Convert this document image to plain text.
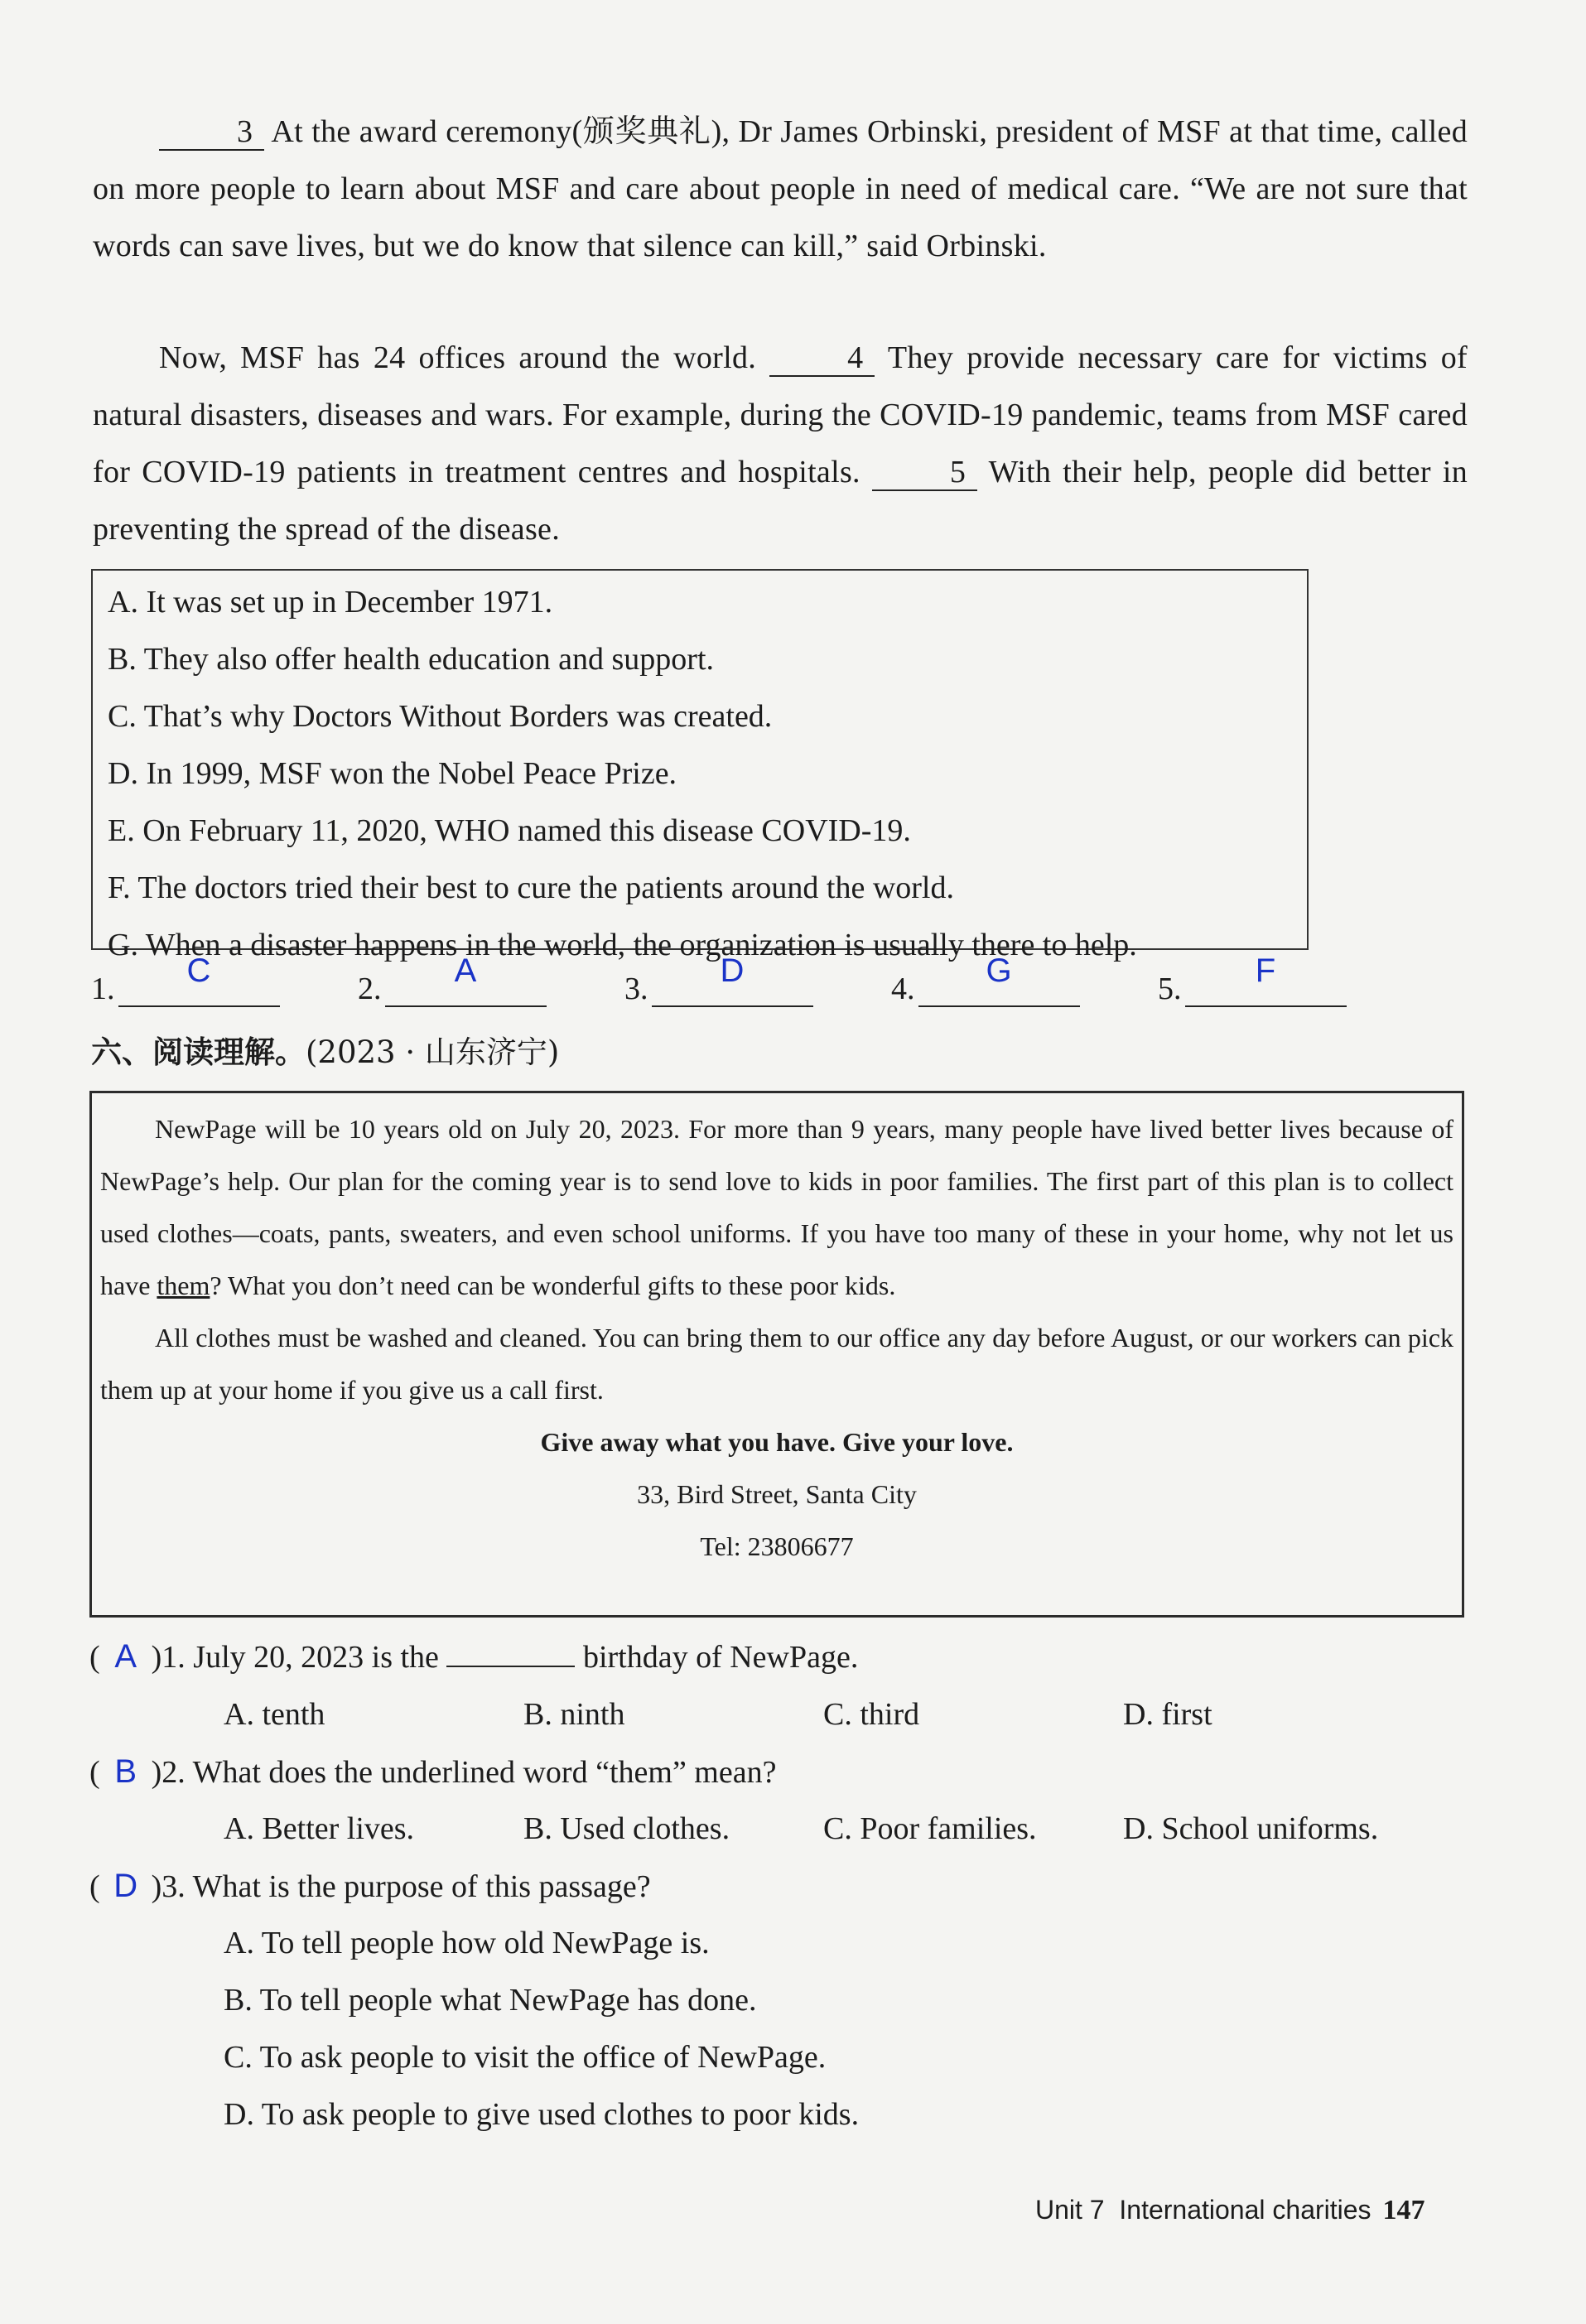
3 At the award ceremony(颁奖典礼), Dr James Orbinski, president of MSF at that time, called on more people to learn about MSF and care about people in need of medical care. “We are not sure that words can save lives, but we do know that silence can kill,” said Orbinski.
Now, MSF has 24 offices around the world.	4 They provide necessary care for victims of natural disasters, diseases and wars. For example, during the COVID-19 pandemic, teams from MSF cared for COVID-19 patients in treatment centres and hospitals.	5 With their help, people did better in preventing the spread of the disease.
A. It was set up in December 1971.
B. They also offer health education and support.
C. That’s why Doctors Without Borders was created.
D. In 1999, MSF won the Nobel Peace Prize.
E. On February 11, 2020, WHO named this disease COVID-19.
F. The doctors tried their best to cure the patients around the world.
G. When a disaster happens in the world, the organization is usually there to help.
1.	C	2.	A	3.	D	4.	G	5.	F
六、阅读理解。(2023 · 山东济宁)

NewPage will be 10 years old on July 20, 2023. For more than 9 years, many people have lived better lives because of NewPage’s help. Our plan for the coming year is to send love to kids in poor families. The first part of this plan is to collect used clothes—coats, pants, sweaters, and even school uniforms. If you have too many of these in your home, why not let us have them? What you don’t need can be wonderful gifts to these poor kids.

All clothes must be washed and cleaned. You can bring them to our office any day before August, or our workers can pick them up at your home if you give us a call first.

Give away what you have. Give your love.

33, Bird Street, Santa City

Tel: 23806677

( A )1. July 20, 2023 is the	birthday of NewPage.
A. tenth	B. ninth	C. third	D. first
( B )2. What does the underlined word “them” mean?
A. Better lives.	B. Used clothes.	C. Poor families.	D. School uniforms.
( D )3. What is the purpose of this passage?
A. To tell people how old NewPage is.
B. To tell people what NewPage has done.
C. To ask people to visit the office of NewPage.
D. To ask people to give used clothes to poor kids.
Unit 7 International charities 147
